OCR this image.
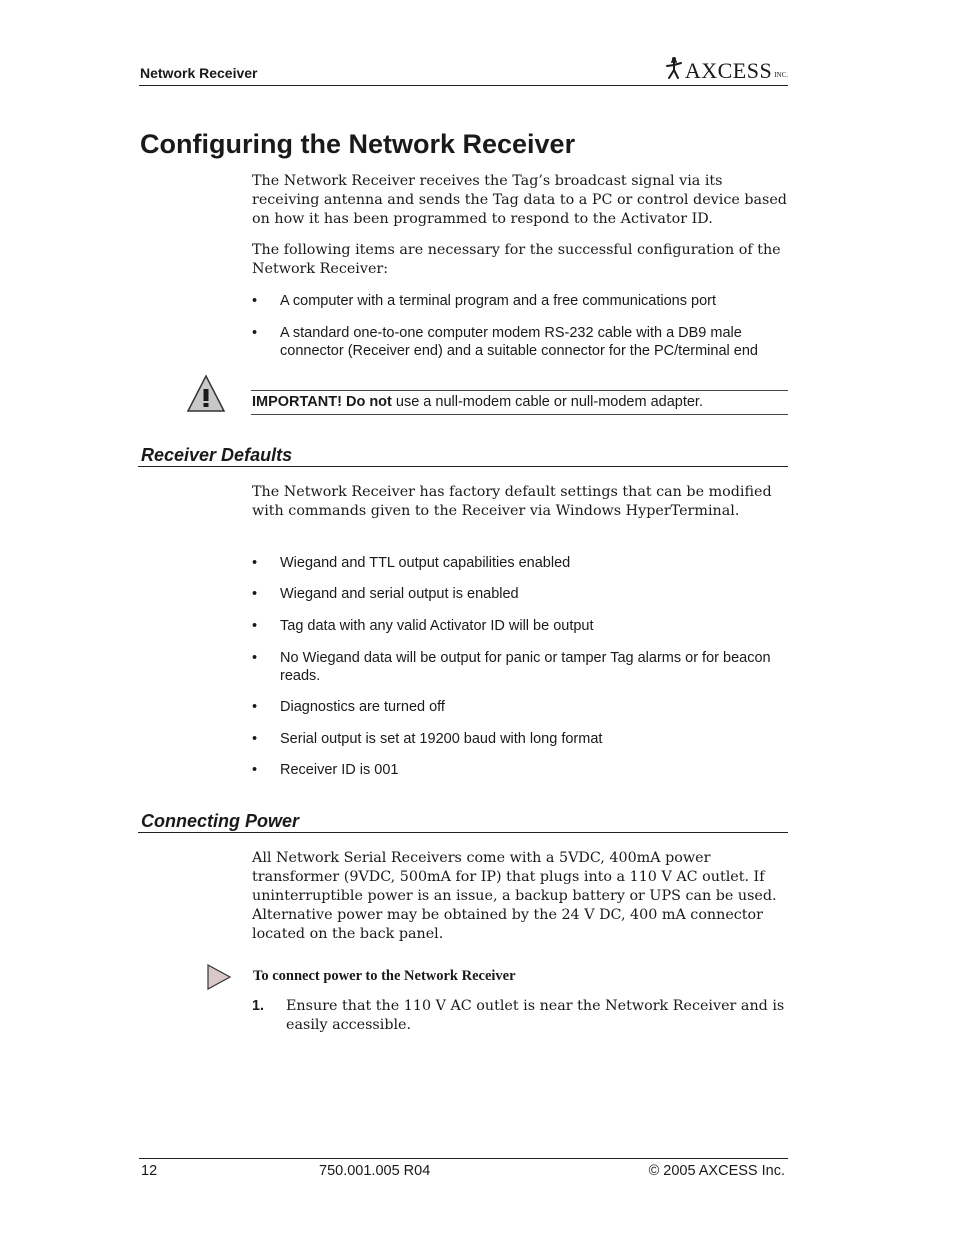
Network Receiver	AXCESS INC.
Configuring the Network Receiver

The Network Receiver receives the Tag’s broadcast signal via its receiving antenna and sends the Tag data to a PC or control device based on how it has been programmed to respond to the Activator ID.

The following items are necessary for the successful configuration of the Network Receiver:

• A computer with a terminal program and a free communications port
• A standard one-to-one computer modem RS-232 cable with a DB9 male connector (Receiver end) and a suitable connector for the PC/terminal end
IMPORTANT! Do not use a null-modem cable or null-modem adapter.
Receiver Defaults

The Network Receiver has factory default settings that can be modified with commands given to the Receiver via Windows HyperTerminal.

• Wiegand and TTL output capabilities enabled
• Wiegand and serial output is enabled
• Tag data with any valid Activator ID will be output
• No Wiegand data will be output for panic or tamper Tag alarms or for beacon reads.
• Diagnostics are turned off
• Serial output is set at 19200 baud with long format
• Receiver ID is 001
Connecting Power

All Network Serial Receivers come with a 5VDC, 400mA power transformer (9VDC, 500mA for IP) that plugs into a 110 V AC outlet. If uninterruptible power is an issue, a backup battery or UPS can be used. Alternative power may be obtained by the 24 V DC, 400 mA connector located on the back panel.

To connect power to the Network Receiver
1. Ensure that the 110 V AC outlet is near the Network Receiver and is easily accessible.
12	750.001.005 R04	© 2005 AXCESS Inc.
